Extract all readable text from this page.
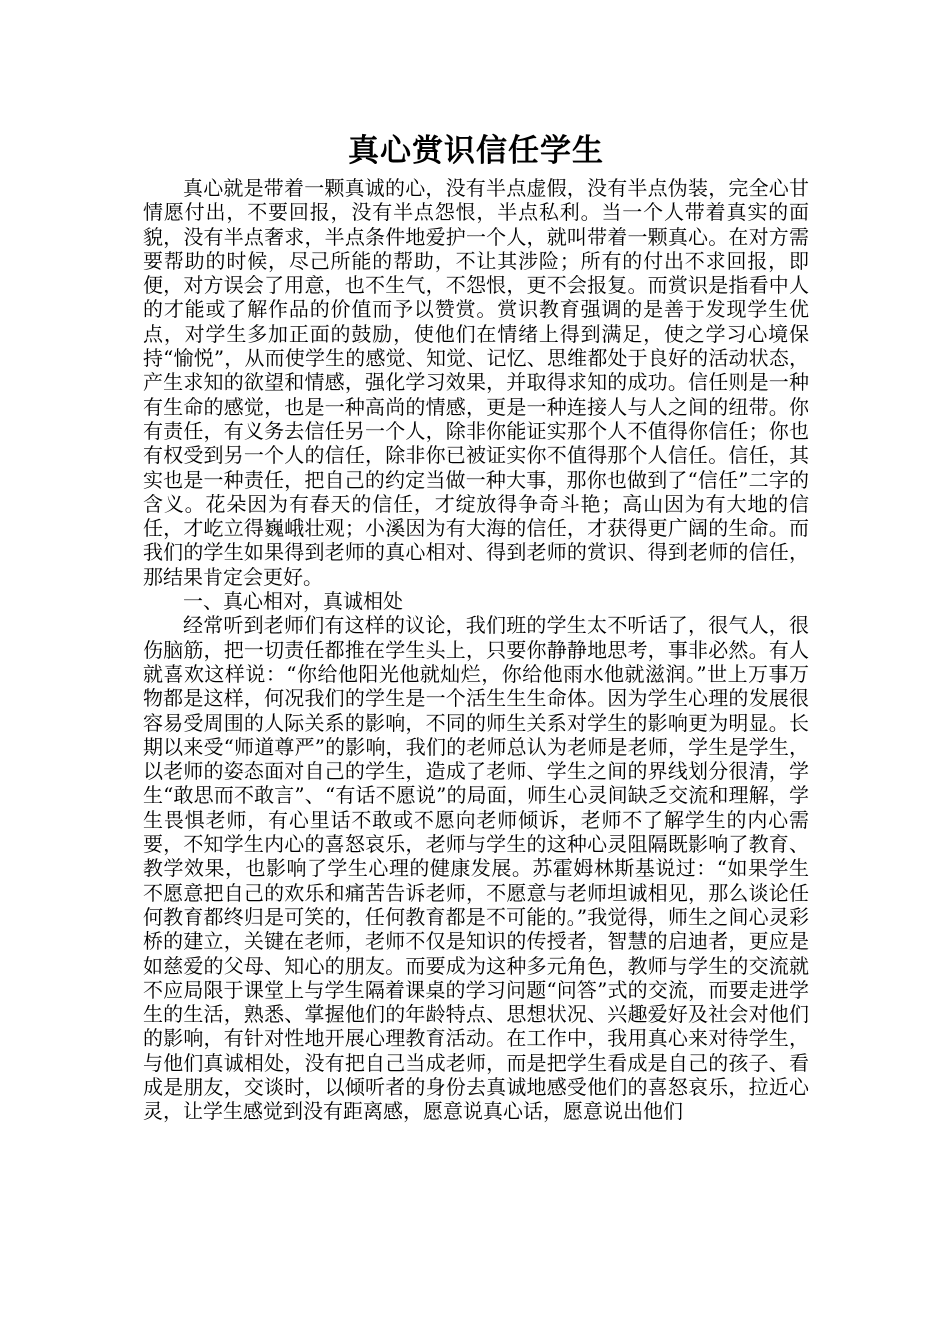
真心赏识信任学生

真心就是带着一颗真诚的心，没有半点虚假，没有半点伪装，完全心甘情愿付出，不要回报，没有半点怨恨，半点私利。当一个人带着真实的面貌，没有半点奢求，半点条件地爱护一个人，就叫带着一颗真心。在对方需要帮助的时候，尽己所能的帮助，不让其涉险；所有的付出不求回报，即便，对方误会了用意，也不生气，不怨恨，更不会报复。而赏识是指看中人的才能或了解作品的价值而予以赞赏。赏识教育强调的是善于发现学生优点，对学生多加正面的鼓励，使他们在情绪上得到满足，使之学习心境保持“愉悦”，从而使学生的感觉、知觉、记忆、思维都处于良好的活动状态，产生求知的欲望和情感，强化学习效果，并取得求知的成功。信任则是一种有生命的感觉，也是一种高尚的情感，更是一种连接人与人之间的纽带。你有责任，有义务去信任另一个人，除非你能证实那个人不值得你信任；你也有权受到另一个人的信任，除非你已被证实你不值得那个人信任。信任，其实也是一种责任，把自己的约定当做一种大事，那你也做到了“信任”二字的含义。花朵因为有春天的信任，才绽放得争奇斗艳；高山因为有大地的信任，才屹立得巍峨壮观；小溪因为有大海的信任，才获得更广阔的生命。而我们的学生如果得到老师的真心相对、得到老师的赏识、得到老师的信任，那结果肯定会更好。

一、真心相对，真诚相处

经常听到老师们有这样的议论，我们班的学生太不听话了，很气人，很伤脑筋，把一切责任都推在学生头上，只要你静静地思考，事非必然。有人就喜欢这样说：“你给他阳光他就灿烂，你给他雨水他就滋润。”世上万事万物都是这样，何况我们的学生是一个活生生生命体。因为学生心理的发展很容易受周围的人际关系的影响，不同的师生关系对学生的影响更为明显。长期以来受“师道尊严”的影响，我们的老师总认为老师是老师，学生是学生，以老师的姿态面对自己的学生，造成了老师、学生之间的界线划分很清，学生“敢思而不敢言”、“有话不愿说”的局面，师生心灵间缺乏交流和理解，学生畏惧老师，有心里话不敢或不愿向老师倾诉，老师不了解学生的内心需要，不知学生内心的喜怒哀乐，老师与学生的这种心灵阻隔既影响了教育、教学效果，也影响了学生心理的健康发展。苏霍姆林斯基说过：“如果学生不愿意把自己的欢乐和痛苦告诉老师，不愿意与老师坦诚相见，那么谈论任何教育都终归是可笑的，任何教育都是不可能的。”我觉得，师生之间心灵彩桥的建立，关键在老师，老师不仅是知识的传授者，智慧的启迪者，更应是如慈爱的父母、知心的朋友。而要成为这种多元角色，教师与学生的交流就不应局限于课堂上与学生隔着课桌的学习问题“问答”式的交流，而要走进学生的生活，熟悉、掌握他们的年龄特点、思想状况、兴趣爱好及社会对他们的影响，有针对性地开展心理教育活动。在工作中，我用真心来对待学生，与他们真诚相处，没有把自己当成老师，而是把学生看成是自己的孩子、看成是朋友，交谈时，以倾听者的身份去真诚地感受他们的喜怒哀乐，拉近心灵，让学生感觉到没有距离感，愿意说真心话，愿意说出他们
